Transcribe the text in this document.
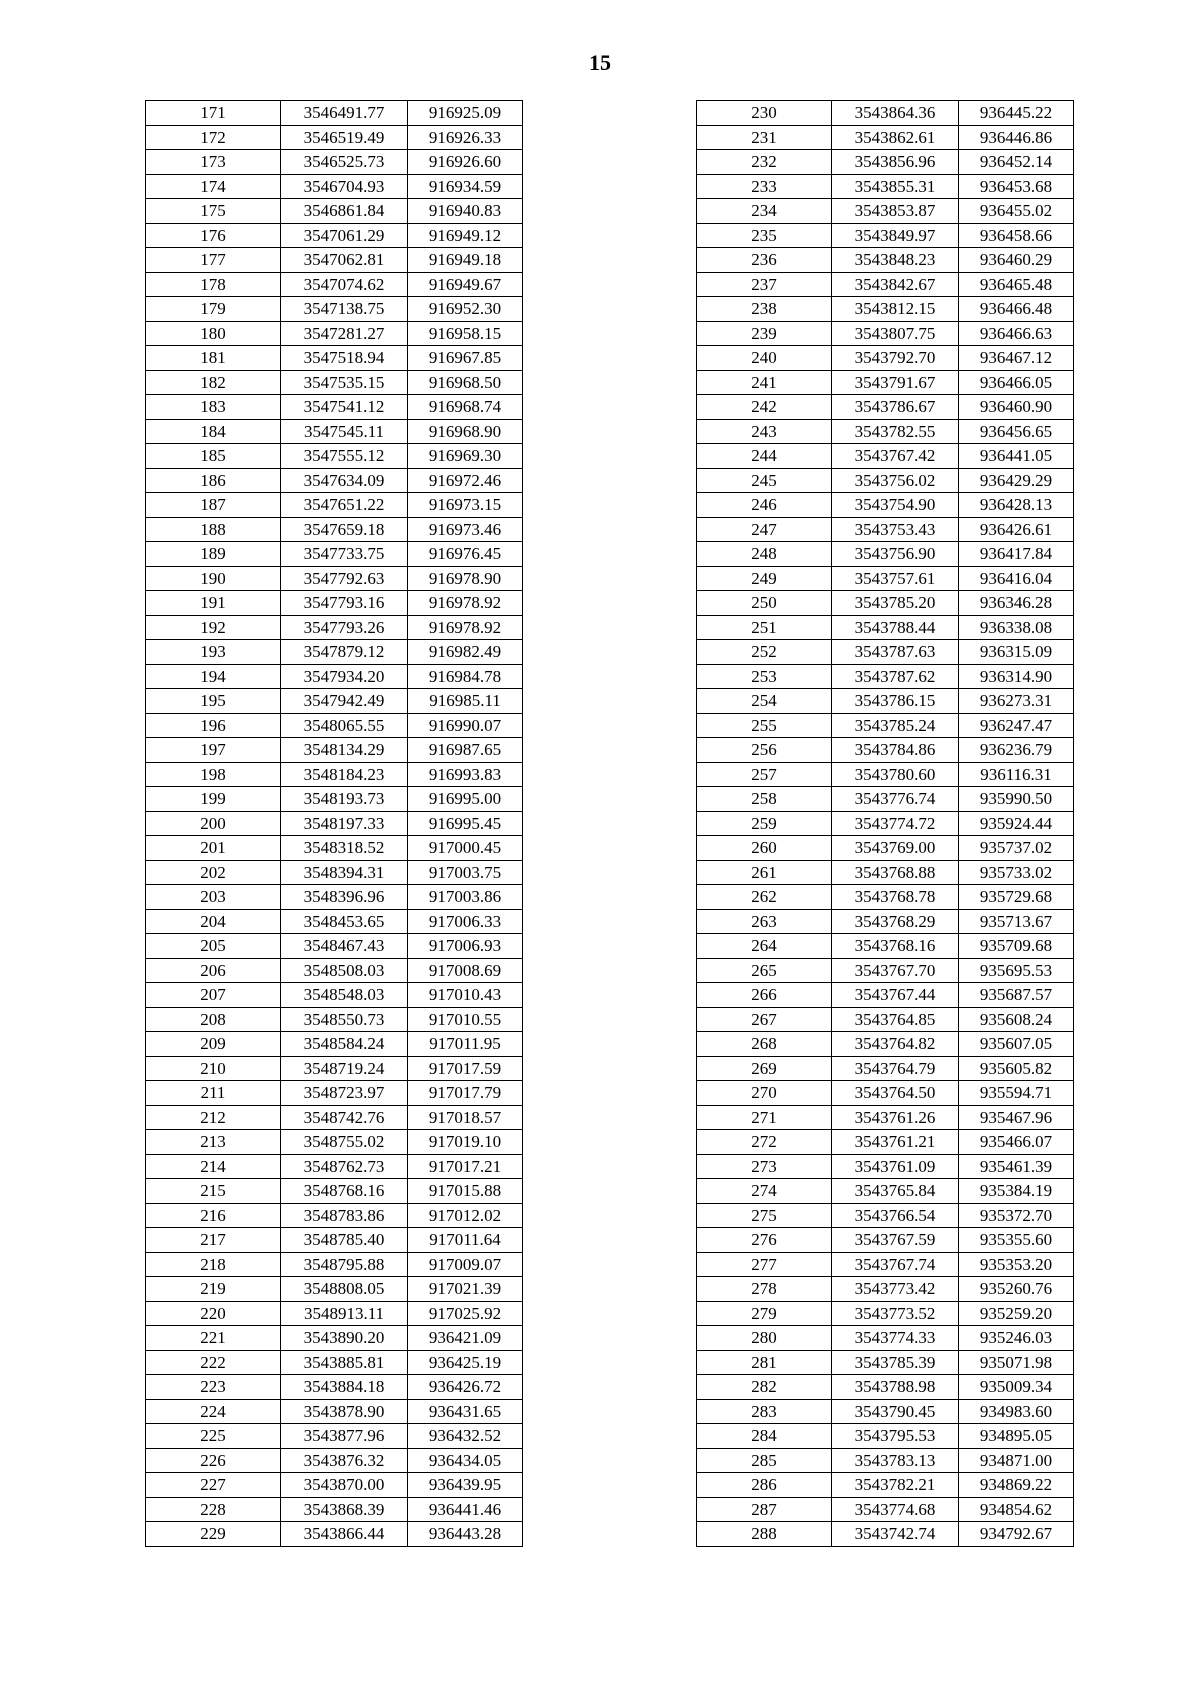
15
171	3546491.77	916925.09
172	3546519.49	916926.33
173	3546525.73	916926.60
174	3546704.93	916934.59
175	3546861.84	916940.83
176	3547061.29	916949.12
177	3547062.81	916949.18
178	3547074.62	916949.67
179	3547138.75	916952.30
180	3547281.27	916958.15
181	3547518.94	916967.85
182	3547535.15	916968.50
183	3547541.12	916968.74
184	3547545.11	916968.90
185	3547555.12	916969.30
186	3547634.09	916972.46
187	3547651.22	916973.15
188	3547659.18	916973.46
189	3547733.75	916976.45
190	3547792.63	916978.90
191	3547793.16	916978.92
192	3547793.26	916978.92
193	3547879.12	916982.49
194	3547934.20	916984.78
195	3547942.49	916985.11
196	3548065.55	916990.07
197	3548134.29	916987.65
198	3548184.23	916993.83
199	3548193.73	916995.00
200	3548197.33	916995.45
201	3548318.52	917000.45
202	3548394.31	917003.75
203	3548396.96	917003.86
204	3548453.65	917006.33
205	3548467.43	917006.93
206	3548508.03	917008.69
207	3548548.03	917010.43
208	3548550.73	917010.55
209	3548584.24	917011.95
210	3548719.24	917017.59
211	3548723.97	917017.79
212	3548742.76	917018.57
213	3548755.02	917019.10
214	3548762.73	917017.21
215	3548768.16	917015.88
216	3548783.86	917012.02
217	3548785.40	917011.64
218	3548795.88	917009.07
219	3548808.05	917021.39
220	3548913.11	917025.92
221	3543890.20	936421.09
222	3543885.81	936425.19
223	3543884.18	936426.72
224	3543878.90	936431.65
225	3543877.96	936432.52
226	3543876.32	936434.05
227	3543870.00	936439.95
228	3543868.39	936441.46
229	3543866.44	936443.28
230	3543864.36	936445.22
231	3543862.61	936446.86
232	3543856.96	936452.14
233	3543855.31	936453.68
234	3543853.87	936455.02
235	3543849.97	936458.66
236	3543848.23	936460.29
237	3543842.67	936465.48
238	3543812.15	936466.48
239	3543807.75	936466.63
240	3543792.70	936467.12
241	3543791.67	936466.05
242	3543786.67	936460.90
243	3543782.55	936456.65
244	3543767.42	936441.05
245	3543756.02	936429.29
246	3543754.90	936428.13
247	3543753.43	936426.61
248	3543756.90	936417.84
249	3543757.61	936416.04
250	3543785.20	936346.28
251	3543788.44	936338.08
252	3543787.63	936315.09
253	3543787.62	936314.90
254	3543786.15	936273.31
255	3543785.24	936247.47
256	3543784.86	936236.79
257	3543780.60	936116.31
258	3543776.74	935990.50
259	3543774.72	935924.44
260	3543769.00	935737.02
261	3543768.88	935733.02
262	3543768.78	935729.68
263	3543768.29	935713.67
264	3543768.16	935709.68
265	3543767.70	935695.53
266	3543767.44	935687.57
267	3543764.85	935608.24
268	3543764.82	935607.05
269	3543764.79	935605.82
270	3543764.50	935594.71
271	3543761.26	935467.96
272	3543761.21	935466.07
273	3543761.09	935461.39
274	3543765.84	935384.19
275	3543766.54	935372.70
276	3543767.59	935355.60
277	3543767.74	935353.20
278	3543773.42	935260.76
279	3543773.52	935259.20
280	3543774.33	935246.03
281	3543785.39	935071.98
282	3543788.98	935009.34
283	3543790.45	934983.60
284	3543795.53	934895.05
285	3543783.13	934871.00
286	3543782.21	934869.22
287	3543774.68	934854.62
288	3543742.74	934792.67
